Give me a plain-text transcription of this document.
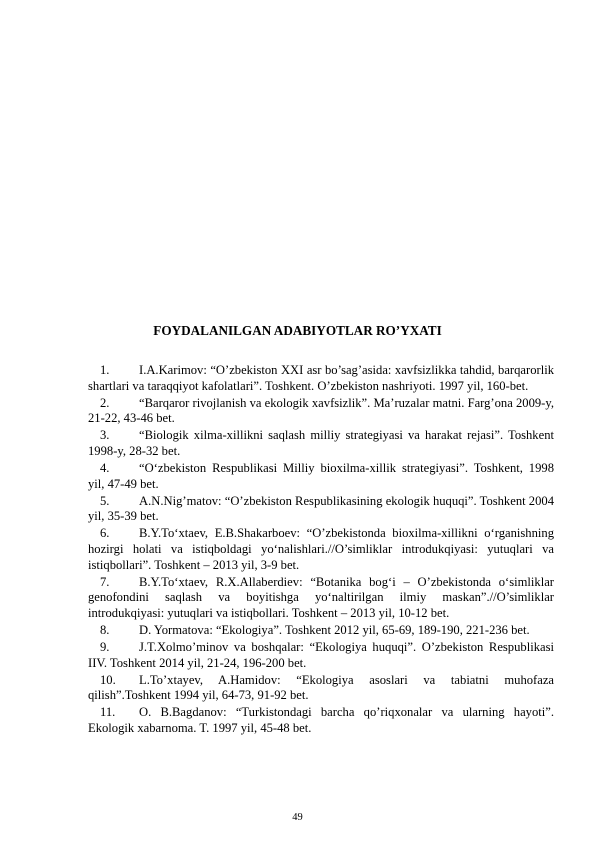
FOYDALANILGAN ADABIYOTLAR RO’YXATI
1. I.A.Karimov: “O’zbekiston XXI asr bo’sag’asida: xavfsizlikka tahdid, barqarorlik shartlari va taraqqiyot kafolatlari”. Toshkent. O’zbekiston nashriyoti. 1997 yil, 160-bet.
2. “Barqaror rivojlanish va ekologik xavfsizlik”. Ma’ruzalar matni. Farg’ona 2009-y, 21-22, 43-46 bet.
3. “Biologik xilma-xillikni saqlash milliy strategiyasi va harakat rejasi”. Toshkent 1998-y, 28-32 bet.
4. “O‘zbekiston Respublikasi Milliy bioxilma-xillik strategiyasi”. Toshkent, 1998 yil, 47-49 bet.
5. A.N.Nig’matov: “O’zbekiston Respublikasining ekologik huquqi”. Toshkent 2004 yil, 35-39 bet.
6. B.Y.To‘xtaev, E.B.Shakarboev: “O’zbekistonda bioxilma-xillikni o‘rganishning hozirgi holati va istiqboldagi yo‘nalishlari.//O’simliklar introdukqiyasi: yutuqlari va istiqbollari”. Toshkent – 2013 yil, 3-9 bet.
7. B.Y.To‘xtaev, R.X.Allaberdiev: “Botanika bog‘i – O’zbekistonda o‘simliklar genofondini saqlash va boyitishga yo‘naltirilgan ilmiy maskan”.//O’simliklar introdukqiyasi: yutuqlari va istiqbollari. Toshkent – 2013 yil, 10-12 bet.
8. D. Yormatova: “Ekologiya”. Toshkent 2012 yil, 65-69, 189-190, 221-236 bet.
9. J.T.Xolmo’minov va boshqalar: “Ekologiya huquqi”. O’zbekiston Respublikasi IIV. Toshkent 2014 yil, 21-24, 196-200 bet.
10. L.To’xtayev, A.Hamidov: “Ekologiya asoslari va tabiatni muhofaza qilish”.Toshkent 1994 yil, 64-73, 91-92 bet.
11. O. B.Bagdanov: “Turkistondagi barcha qo’riqxonalar va ularning hayoti”. Ekologik xabarnoma. T. 1997 yil, 45-48 bet.
49
